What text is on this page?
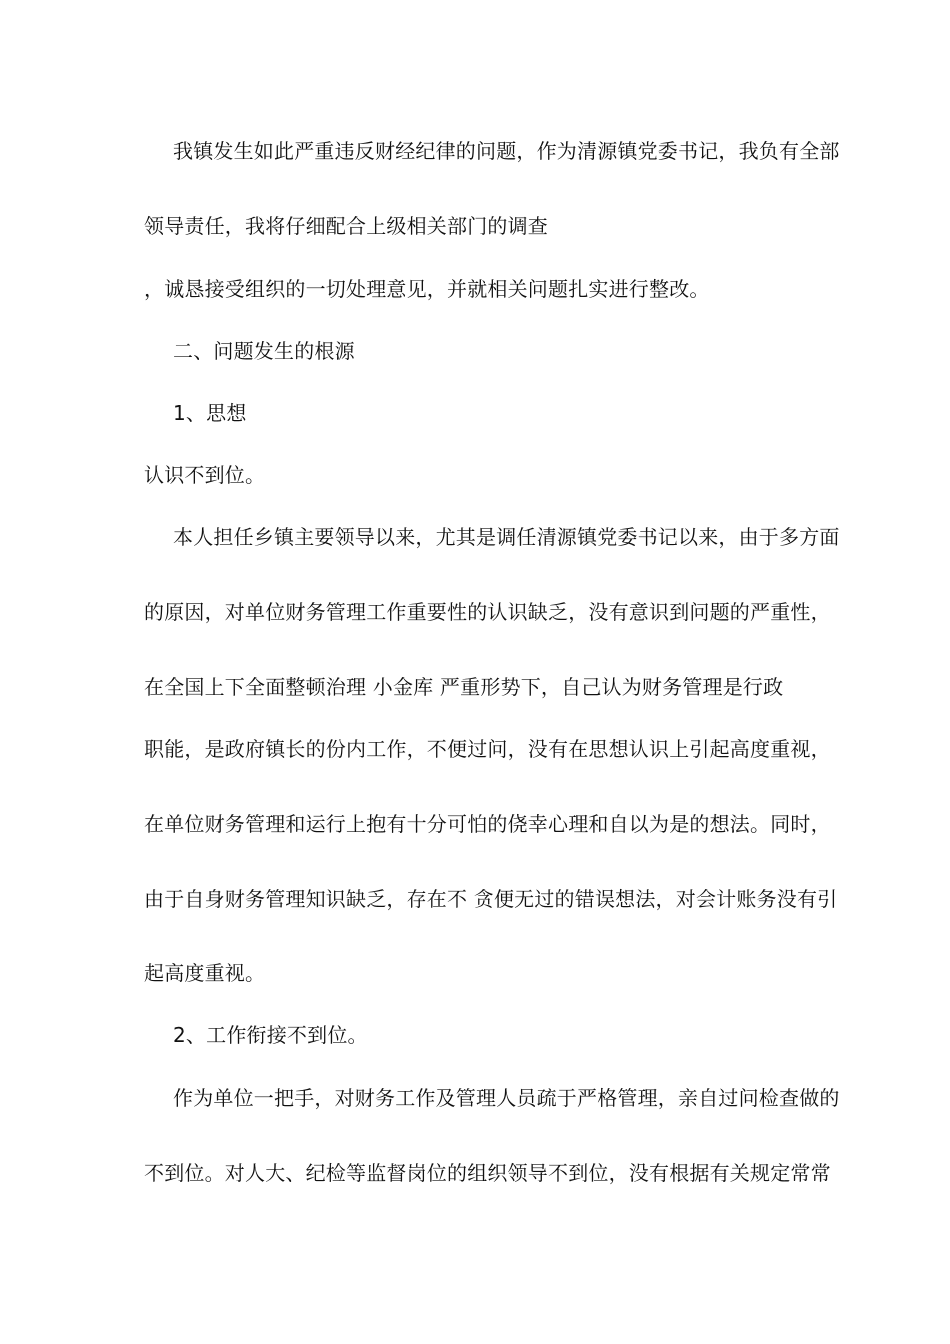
我镇发生如此严重违反财经纪律的问题，作为清源镇党委书记，我负有全部
领导责任，我将仔细配合上级相关部门的调查
，诚恳接受组织的一切处理意见，并就相关问题扎实进行整改。
二、问题发生的根源
1、思想
认识不到位。
本人担任乡镇主要领导以来，尤其是调任清源镇党委书记以来，由于多方面
的原因，对单位财务管理工作重要性的认识缺乏，没有意识到问题的严重性，
在全国上下全面整顿治理 小金库 严重形势下，自己认为财务管理是行政
职能，是政府镇长的份内工作，不便过问，没有在思想认识上引起高度重视，
在单位财务管理和运行上抱有十分可怕的侥幸心理和自以为是的想法。同时，
由于自身财务管理知识缺乏，存在不 贪便无过的错误想法，对会计账务没有引
起高度重视。
2、工作衔接不到位。
作为单位一把手，对财务工作及管理人员疏于严格管理，亲自过问检查做的
不到位。对人大、纪检等监督岗位的组织领导不到位，没有根据有关规定常常
